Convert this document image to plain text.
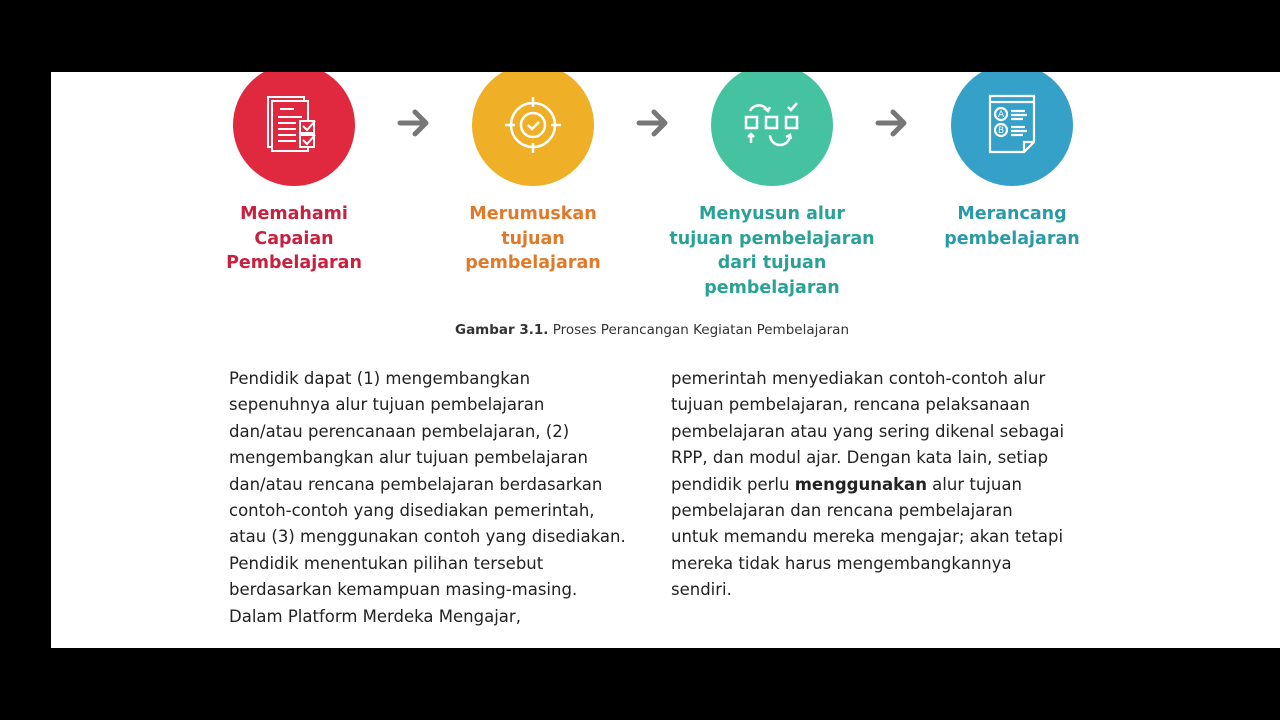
A
B
Memahami
Capaian
Pembelajaran
Merumuskan
tujuan
pembelajaran
Menyusun alur
tujuan pembelajaran
dari tujuan
pembelajaran
Merancang
pembelajaran
Gambar 3.1. Proses Perancangan Kegiatan Pembelajaran
Pendidik dapat (1) mengembangkan
sepenuhnya alur tujuan pembelajaran
dan/atau perencanaan pembelajaran, (2)
mengembangkan alur tujuan pembelajaran
dan/atau rencana pembelajaran berdasarkan
contoh-contoh yang disediakan pemerintah,
atau (3) menggunakan contoh yang disediakan.
Pendidik menentukan pilihan tersebut
berdasarkan kemampuan masing-masing.
Dalam Platform Merdeka Mengajar,
pemerintah menyediakan contoh-contoh alur
tujuan pembelajaran, rencana pelaksanaan
pembelajaran atau yang sering dikenal sebagai
RPP, dan modul ajar. Dengan kata lain, setiap
pendidik perlu menggunakan alur tujuan
pembelajaran dan rencana pembelajaran
untuk memandu mereka mengajar; akan tetapi
mereka tidak harus mengembangkannya
sendiri.
